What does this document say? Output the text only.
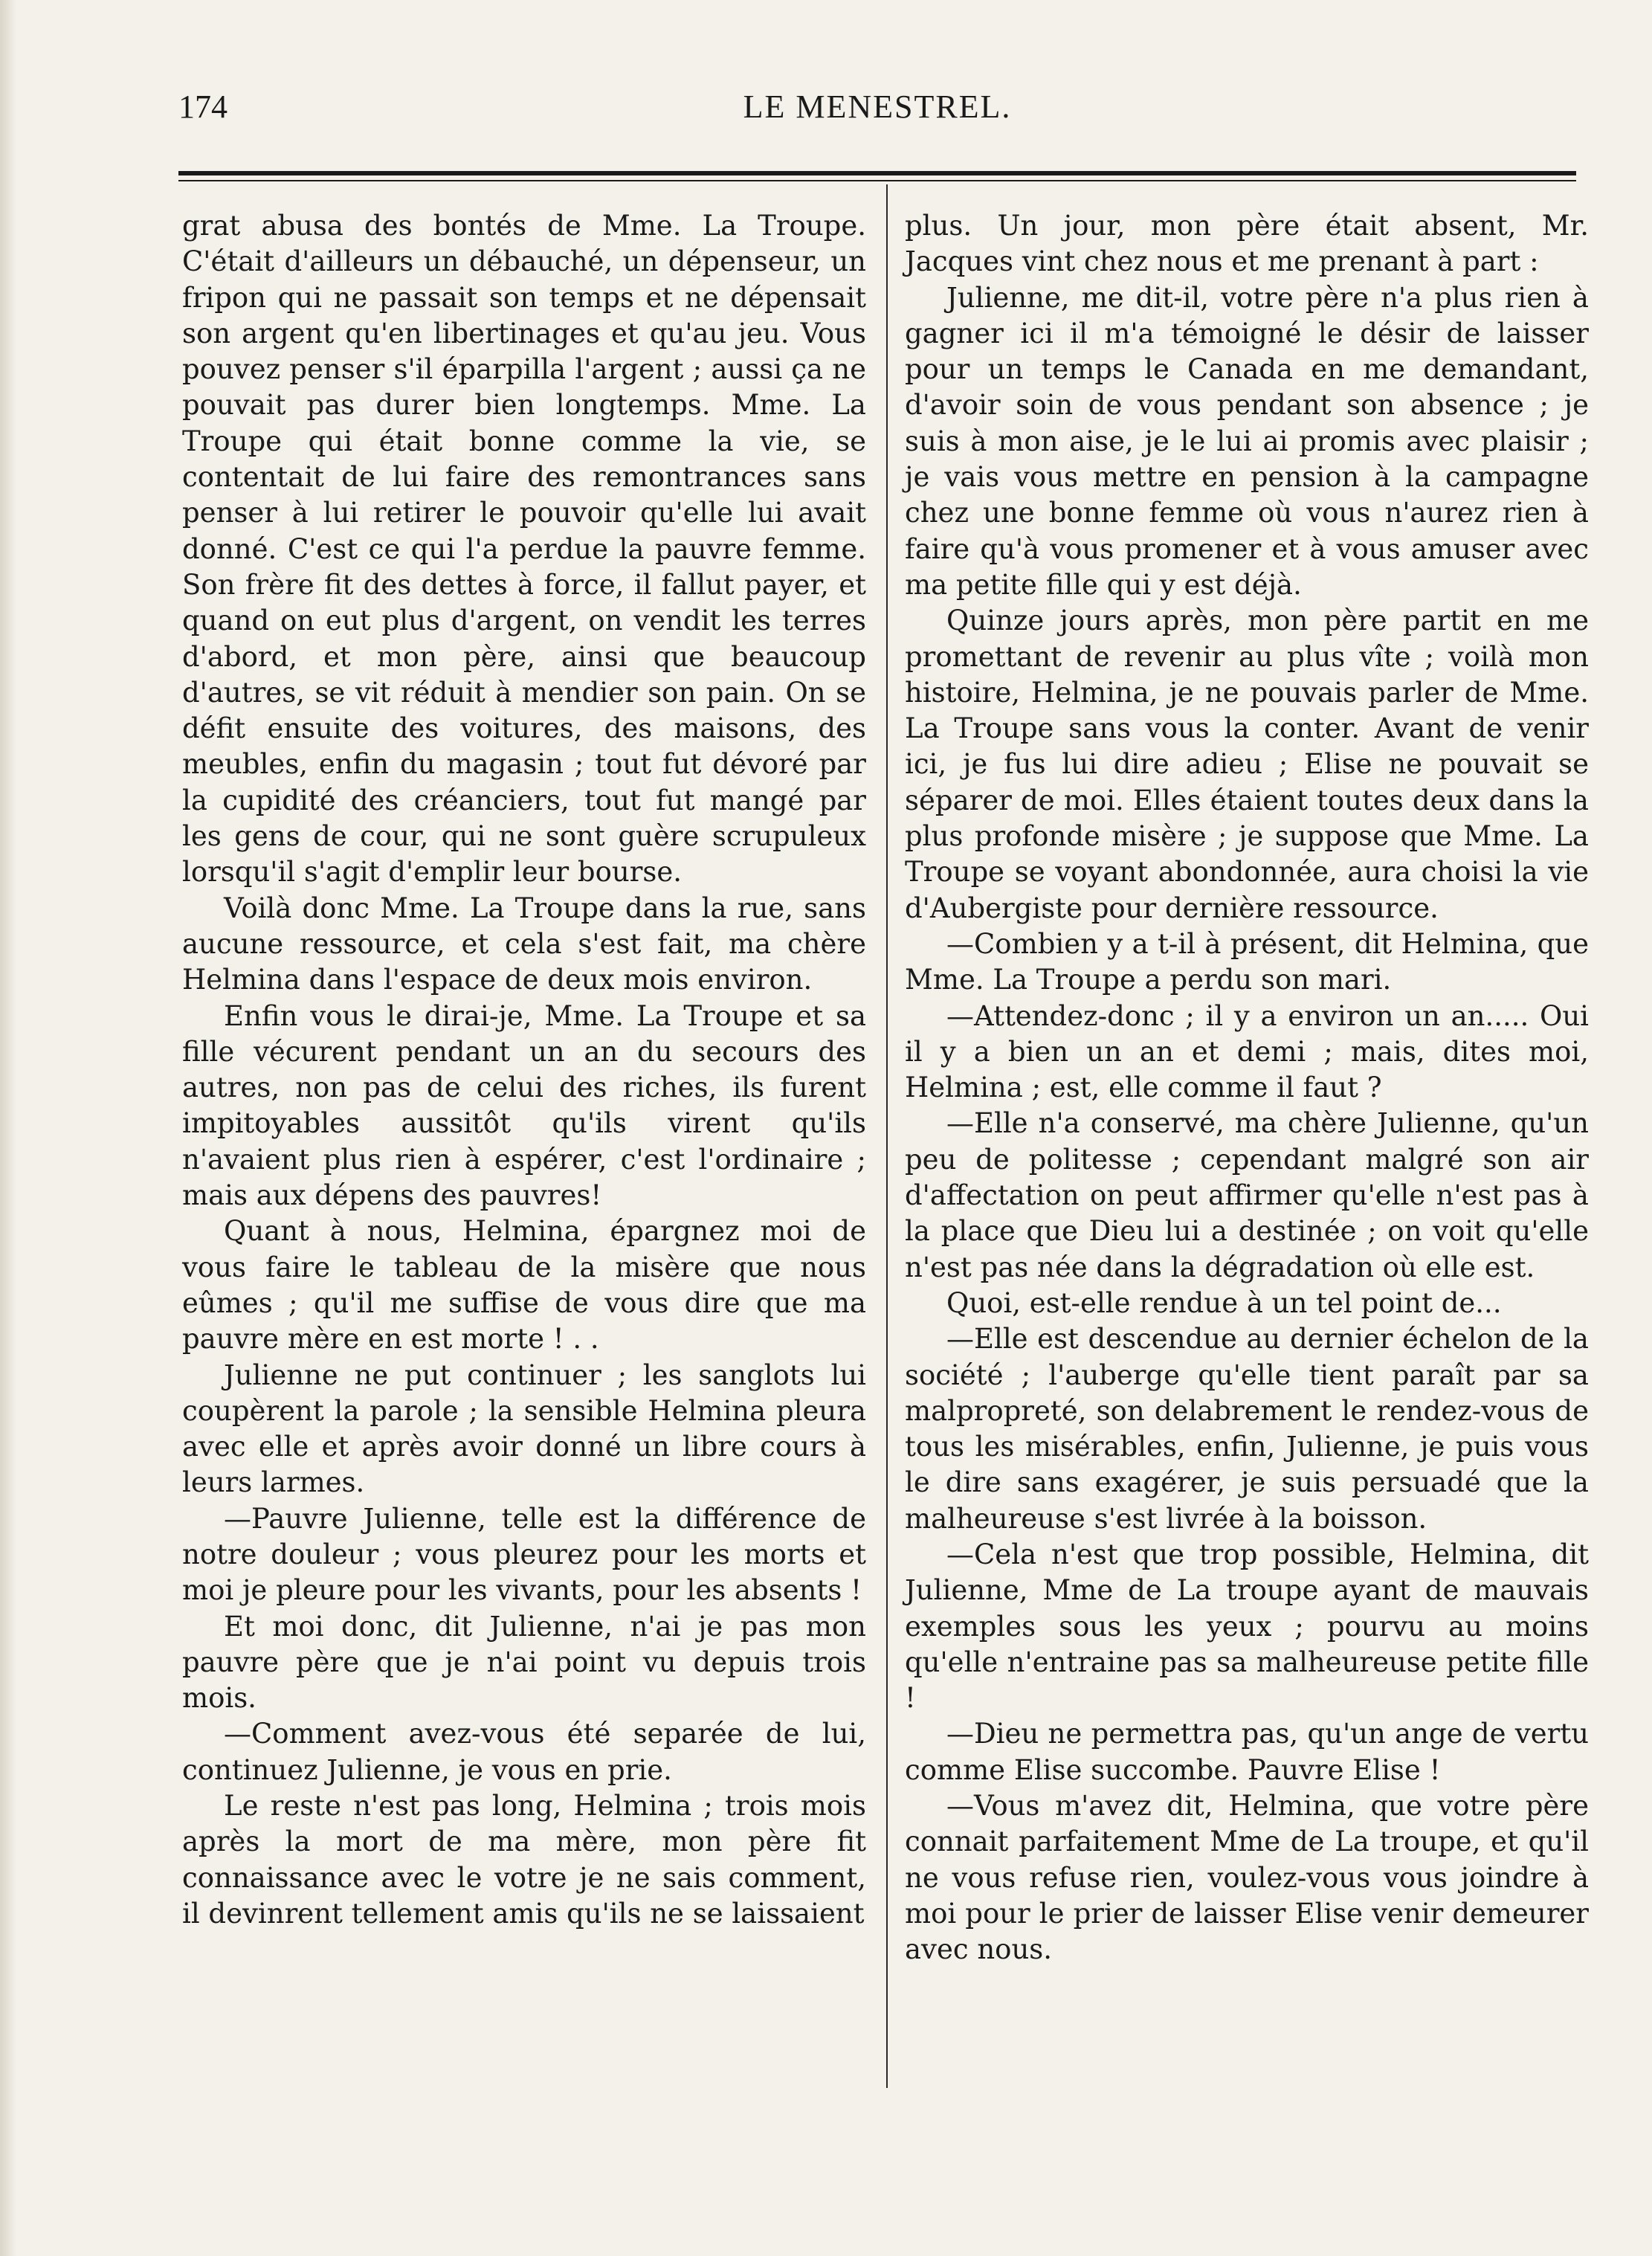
174	LE MENESTREL.

grat abusa des bontés de Mme. La Troupe. C'était d'ailleurs un débauché, un dépenseur, un fripon qui ne passait son temps et ne dépensait son argent qu'en libertinages et qu'au jeu. Vous pouvez penser s'il éparpilla l'argent ; aussi ça ne pouvait pas durer bien longtemps. Mme. La Troupe qui était bonne comme la vie, se contentait de lui faire des remontrances sans penser à lui retirer le pouvoir qu'elle lui avait donné. C'est ce qui l'a perdue la pauvre femme. Son frère fit des dettes à force, il fallut payer, et quand on eut plus d'argent, on vendit les terres d'abord, et mon père, ainsi que beaucoup d'autres, se vit réduit à mendier son pain. On se défit ensuite des voitures, des maisons, des meubles, enfin du magasin ; tout fut dévoré par la cupidité des créanciers, tout fut mangé par les gens de cour, qui ne sont guère scrupuleux lorsqu'il s'agit d'emplir leur bourse.

Voilà donc Mme. La Troupe dans la rue, sans aucune ressource, et cela s'est fait, ma chère Helmina dans l'espace de deux mois environ.

Enfin vous le dirai-je, Mme. La Troupe et sa fille vécurent pendant un an du secours des autres, non pas de celui des riches, ils furent impitoyables aussitôt qu'ils virent qu'ils n'avaient plus rien à espérer, c'est l'ordinaire ; mais aux dépens des pauvres!

Quant à nous, Helmina, épargnez moi de vous faire le tableau de la misère que nous eûmes ; qu'il me suffise de vous dire que ma pauvre mère en est morte ! . .

Julienne ne put continuer ; les sanglots lui coupèrent la parole ; la sensible Helmina pleura avec elle et après avoir donné un libre cours à leurs larmes.

—Pauvre Julienne, telle est la différence de notre douleur ; vous pleurez pour les morts et moi je pleure pour les vivants, pour les absents !

Et moi donc, dit Julienne, n'ai je pas mon pauvre père que je n'ai point vu depuis trois mois.

—Comment avez-vous été separée de lui, continuez Julienne, je vous en prie.

Le reste n'est pas long, Helmina ; trois mois après la mort de ma mère, mon père fit connaissance avec le votre je ne sais comment, il devinrent tellement amis qu'ils ne se laissaient

plus. Un jour, mon père était absent, Mr. Jacques vint chez nous et me prenant à part :

Julienne, me dit-il, votre père n'a plus rien à gagner ici il m'a témoigné le désir de laisser pour un temps le Canada en me demandant, d'avoir soin de vous pendant son absence ; je suis à mon aise, je le lui ai promis avec plaisir ; je vais vous mettre en pension à la campagne chez une bonne femme où vous n'aurez rien à faire qu'à vous promener et à vous amuser avec ma petite fille qui y est déjà.

Quinze jours après, mon père partit en me promettant de revenir au plus vîte ; voilà mon histoire, Helmina, je ne pouvais parler de Mme. La Troupe sans vous la conter. Avant de venir ici, je fus lui dire adieu ; Elise ne pouvait se séparer de moi. Elles étaient toutes deux dans la plus profonde misère ; je suppose que Mme. La Troupe se voyant abondonnée, aura choisi la vie d'Aubergiste pour dernière ressource.

—Combien y a t-il à présent, dit Helmina, que Mme. La Troupe a perdu son mari.

—Attendez-donc ; il y a environ un an..... Oui il y a bien un an et demi ; mais, dites moi, Helmina ; est, elle comme il faut ?

—Elle n'a conservé, ma chère Julienne, qu'un peu de politesse ; cependant malgré son air d'affectation on peut affirmer qu'elle n'est pas à la place que Dieu lui a destinée ; on voit qu'elle n'est pas née dans la dégradation où elle est.

Quoi, est-elle rendue à un tel point de...

—Elle est descendue au dernier échelon de la société ; l'auberge qu'elle tient paraît par sa malpropreté, son delabrement le rendez-vous de tous les misérables, enfin, Julienne, je puis vous le dire sans exagérer, je suis persuadé que la malheureuse s'est livrée à la boisson.

—Cela n'est que trop possible, Helmina, dit Julienne, Mme de La troupe ayant de mauvais exemples sous les yeux ; pourvu au moins qu'elle n'entraine pas sa malheureuse petite fille !

—Dieu ne permettra pas, qu'un ange de vertu comme Elise succombe. Pauvre Elise !

—Vous m'avez dit, Helmina, que votre père connait parfaitement Mme de La troupe, et qu'il ne vous refuse rien, voulez-vous vous joindre à moi pour le prier de laisser Elise venir demeurer avec nous.
